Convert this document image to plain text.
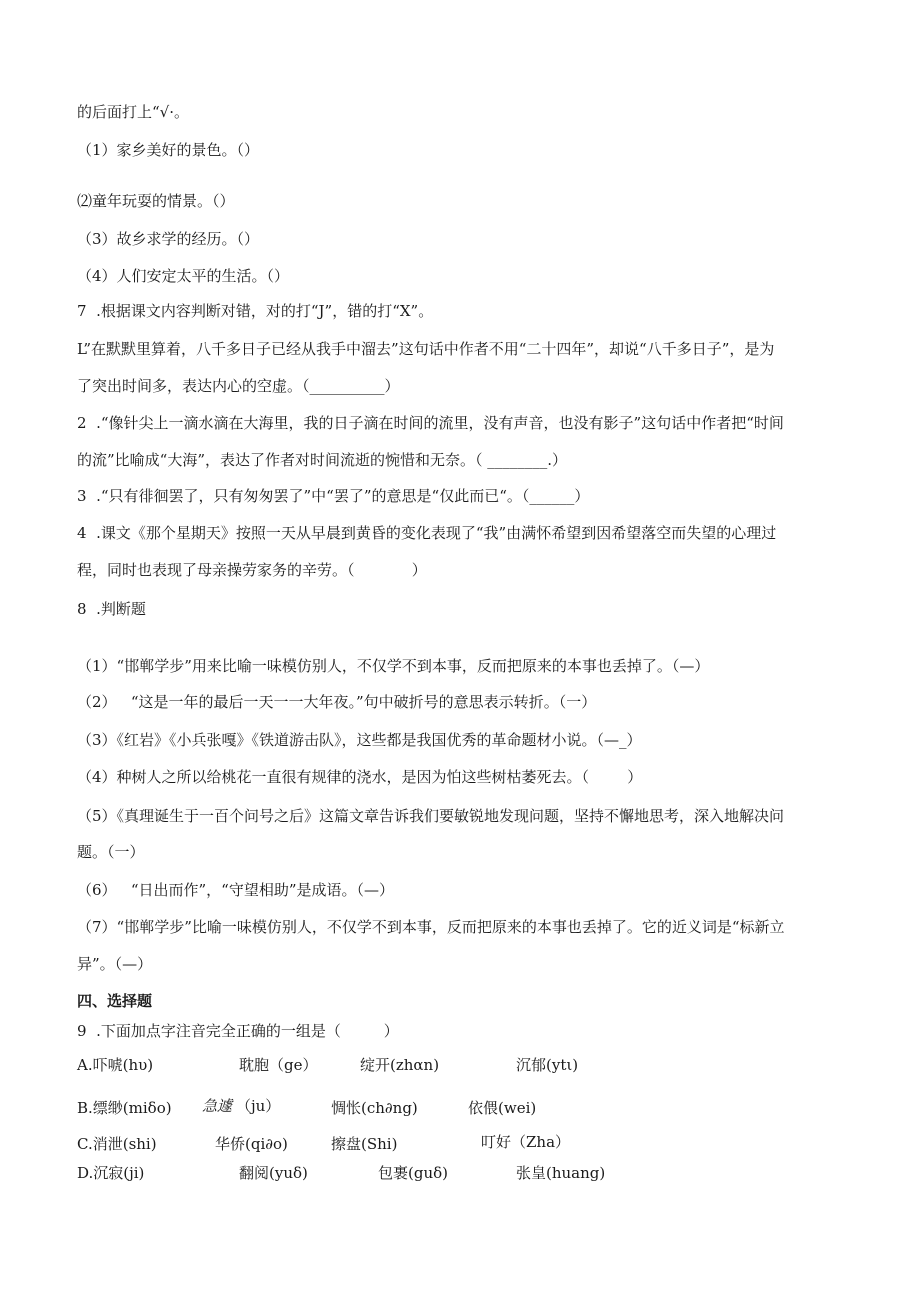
的后面打上“√·。
（1）家乡美好的景色。（）
⑵童年玩耍的情景。（）
（3）故乡求学的经历。（）
（4）人们安定太平的生活。（）
7  .根据课文内容判断对错，对的打“J”，错的打“X”。
L”在默默里算着，八千多日子已经从我手中溜去”这句话中作者不用“二十四年”，却说“八千多日子”，是为
了突出时间多，表达内心的空虚。（__________）
2  .“像针尖上一滴水滴在大海里，我的日子滴在时间的流里，没有声音，也没有影子”这句话中作者把“时间
的流”比喻成“大海”，表达了作者对时间流逝的惋惜和无奈。（ ________.）
3  .“只有徘徊罢了，只有匆匆罢了”中“罢了”的意思是“仅此而已“。（______）
4  .课文《那个星期天》按照一天从早晨到黄昏的变化表现了“我”由满怀希望到因希望落空而失望的心理过
程，同时也表现了母亲操劳家务的辛劳。（            ）
8  .判断题
（1）“邯郸学步”用来比喻一味模仿别人，不仅学不到本事，反而把原来的本事也丢掉了。（—）
（2）   “这是一年的最后一天一一大年夜。”句中破折号的意思表示转折。（一）
（3）《红岩》《小兵张嘎》《铁道游击队》，这些都是我国优秀的革命题材小说。（—_）
（4）种树人之所以给桃花一直很有规律的浇水，是因为怕这些树枯萎死去。（        ）
（5）《真理诞生于一百个问号之后》这篇文章告诉我们要敏锐地发现问题，坚持不懈地思考，深入地解决问
题。（一）
（6）   “日出而作”，“守望相助”是成语。（—）
（7）“邯郸学步”比喻一味模仿别人，不仅学不到本事，反而把原来的本事也丢掉了。它的近义词是“标新立
异”。（—）
四、选择题
9  .下面加点字注音完全正确的一组是（         ）
A.吓唬(hυ)	耽胞（ge）	绽开(zhαn)	沉郁(ytι)
B.缥缈(miδo) 急遽 （ju）	惆怅(ch∂ng)	依偎(wei)
C.消泄(shi)	华侨(qi∂o)	擦盘(Shi)	叮好（Zha）
D.沉寂(ji)	翻阅(yuδ)	包裹(guδ)	张皇(huang)
